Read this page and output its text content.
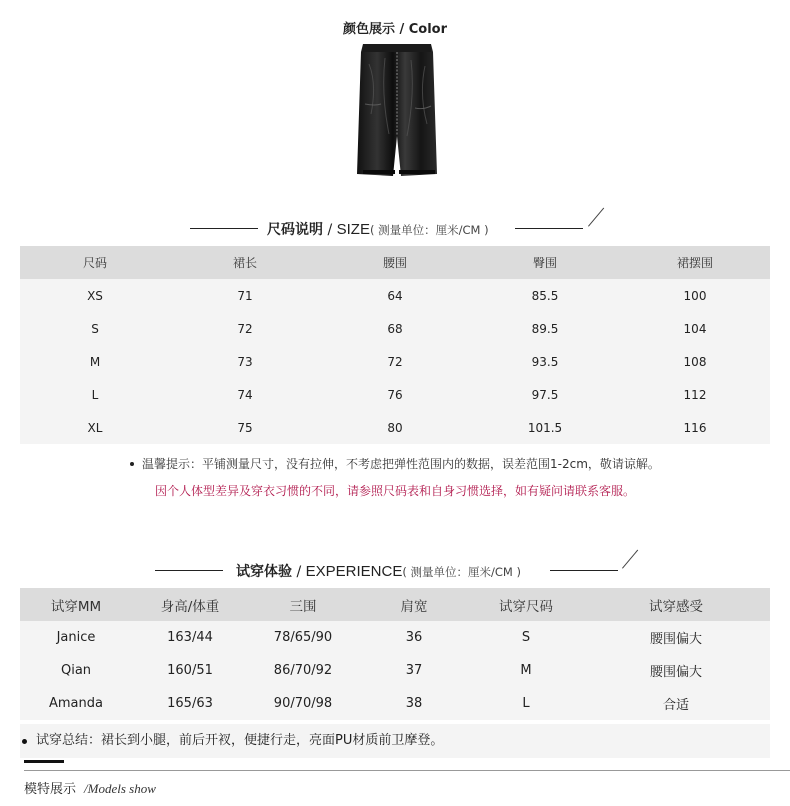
颜色展示 / Color
尺码说明 / SIZE( 测量单位：厘米/CM )
尺码	裙长	腰围	臀围	裙摆围
XS	71	64	85.5	100
S	72	68	89.5	104
M	73	72	93.5	108
L	74	76	97.5	112
XL	75	80	101.5	116
温馨提示：平铺测量尺寸，没有拉伸，不考虑把弹性范围内的数据，误差范围1-2cm，敬请谅解。
因个人体型差异及穿衣习惯的不同，请参照尺码表和自身习惯选择，如有疑问请联系客服。
试穿体验 / EXPERIENCE( 测量单位：厘米/CM )
试穿MM	身高/体重	三围	肩宽	试穿尺码	试穿感受
Janice	163/44	78/65/90	36	S	腰围偏大
Qian	160/51	86/70/92	37	M	腰围偏大
Amanda	165/63	90/70/98	38	L	合适
试穿总结：裙长到小腿，前后开衩，便捷行走，亮面PU材质前卫摩登。
模特展示 /Models show
